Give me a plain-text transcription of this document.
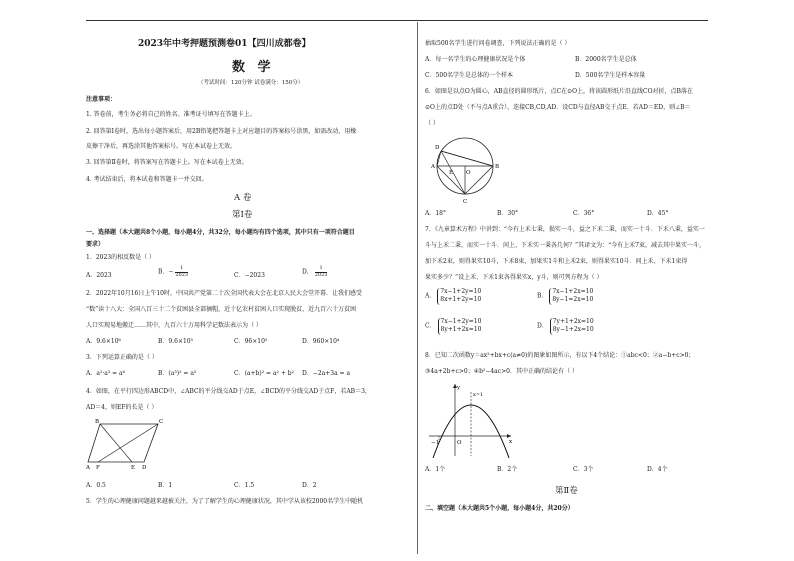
2023年中考押题预测卷01【四川成都卷】
数 学
（考试时间：120分钟 试卷满分：150分）
注意事项：
1. 答卷前，考生务必将自己的姓名、准考证号填写在答题卡上。
2. 回答第Ⅰ卷时，选出每小题答案后，用2B铅笔把答题卡上对应题目的答案标号涂黑，如需改动，用橡
皮擦干净后，再选涂其他答案标号。写在本试卷上无效。
3. 回答第Ⅱ卷时，将答案写在答题卡上。写在本试卷上无效。
4. 考试结束后，将本试卷和答题卡一并交回。
A 卷
第Ⅰ卷
一、选择题（本大题共8个小题，每小题4分，共32分，每小题均有四个选项，其中只有一项符合题目
要求）
1．2023的相反数是（ ）
A．2023	B．− $\frac{1}{2023}$	C．−2023	D． $\frac{1}{2023}$
2．2022年10月16日上午10时，中国共产党第二十次全国代表大会在北京人民大会堂开幕．让我们感受
“数”读十八大：全国八百三十二个贫困县全部摘帽，近十亿农村贫困人口实现脱贫，近九百六十万贫困
人口实现易地搬迁……其中，九百六十万用科学记数法表示为（ ）
A．9.6×10⁶	B．9.6×10⁵	C．96×10⁵	D．960×10⁴
3．下列运算正确的是（ ）
A．a²·a³ = a⁶	B．(a³)² = a⁵	C．(a+b)² = a² + b² D．−2a+3a = a
4．如图，在平行四边形ABCD中，∠ABC的平分线交AD于点E，∠BCD的平分线交AD于点F，若AB＝3，
AD＝4，则EF的长是（ ）
B	C
A F	E D
A．0.5	B．1	C．1.5	D．2
5．学生的心理健康问题越来越被关注，为了了解学生的心理健康状况，其中学从该校2000名学生中随机
抽取500名学生进行问卷调查，下列说法正确的是（ ）
A．每一名学生的心理健康状况是个体	B．2000名学生是总体
C．500名学生是总体的一个样本	D．500名学生是样本容量
6．如图是以点O为圆心，AB直径的圆形纸片，点C在⊙O上，将该圆形纸片沿直线CO对折，点B落在
⊙O上的点D处（不与点A重合），连接CB,CD,AD．设CD与直径AB交于点E．若AD＝ED，则∠B＝
（ ）
D
A
E O
B
C
A．18°	B．30°	C．36°	D．45°
7．《九章算术方程》中讲到：“今有上禾七秉，损实一斗，益之下禾二秉，而实一十斗．下禾八秉，益实一
斗与上禾二秉，而实一十斗．问上、下禾实一秉各几何？”其译文为：“今有上禾7束，减去其中果实一斗，
加下禾2束，则得果实10斗，下禾8束，加果实1斗和上禾2束，则得果实10斗．问上禾、下禾1束得
果实多少？”设上禾、下禾1束各得果实x，y斗，则可列方程为（ ）
A．
7x−1+2y=10
8x+1+2y=10
B．
7x−1+2x=10
8y−1=2x=10
C．
7x−1+2y=10
8y+1+2x=10
D．
7y+1+2x=10
8y−1+2x=10
8．已知二次函数y＝ax²+bx+c(a≠0)的图象如图所示，有以下4个结论：①abc<0；②a−b+c>0；
③4a+2b+c>0；④b²−4ac>0．其中正确的结论有（ ）
y
x
x=1
−1	O
A．1个	B．2个	C．3个	D．4个
第Ⅱ卷
二、填空题（本大题共5个小题，每小题4分，共20分）
